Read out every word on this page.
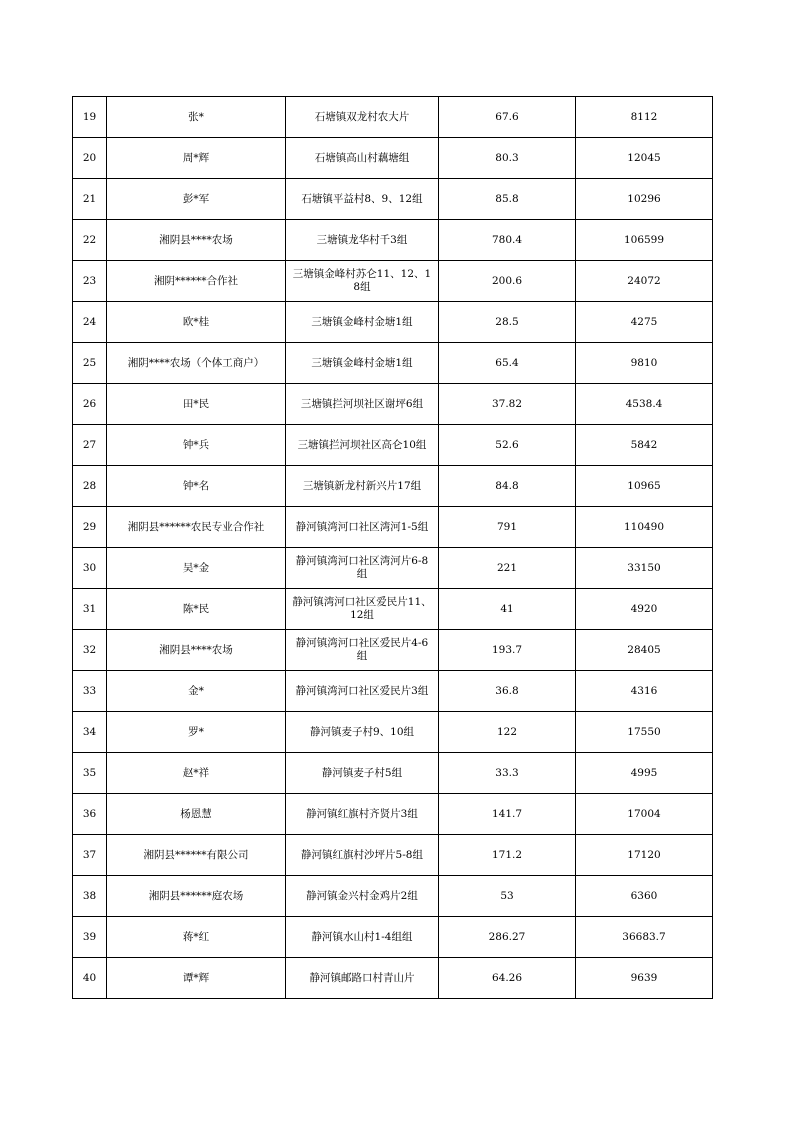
19	张*	石塘镇双龙村农大片	67.6	8112
20	周*辉	石塘镇高山村藕塘组	80.3	12045
21	彭*军	石塘镇平益村8、9、12组	85.8	10296
22	湘阴县****农场	三塘镇龙华村千3组	780.4	106599
23	湘阴******合作社	三塘镇金峰村苏仑11、12、18组	200.6	24072
24	欧*桂	三塘镇金峰村金塘1组	28.5	4275
25	湘阴****农场（个体工商户）	三塘镇金峰村金塘1组	65.4	9810
26	田*民	三塘镇拦河坝社区谢坪6组	37.82	4538.4
27	钟*兵	三塘镇拦河坝社区高仑10组	52.6	5842
28	钟*名	三塘镇新龙村新兴片17组	84.8	10965
29	湘阴县******农民专业合作社	静河镇湾河口社区湾河1-5组	791	110490
30	吴*金	静河镇湾河口社区湾河片6-8组	221	33150
31	陈*民	静河镇湾河口社区爱民片11、12组	41	4920
32	湘阴县****农场	静河镇湾河口社区爱民片4-6组	193.7	28405
33	金*	静河镇湾河口社区爱民片3组	36.8	4316
34	罗*	静河镇麦子村9、10组	122	17550
35	赵*祥	静河镇麦子村5组	33.3	4995
36	杨恩慧	静河镇红旗村齐贤片3组	141.7	17004
37	湘阴县******有限公司	静河镇红旗村沙坪片5-8组	171.2	17120
38	湘阴县******庭农场	静河镇金兴村金鸡片2组	53	6360
39	蒋*红	静河镇水山村1-4组组	286.27	36683.7
40	谭*辉	静河镇邮路口村青山片	64.26	9639
